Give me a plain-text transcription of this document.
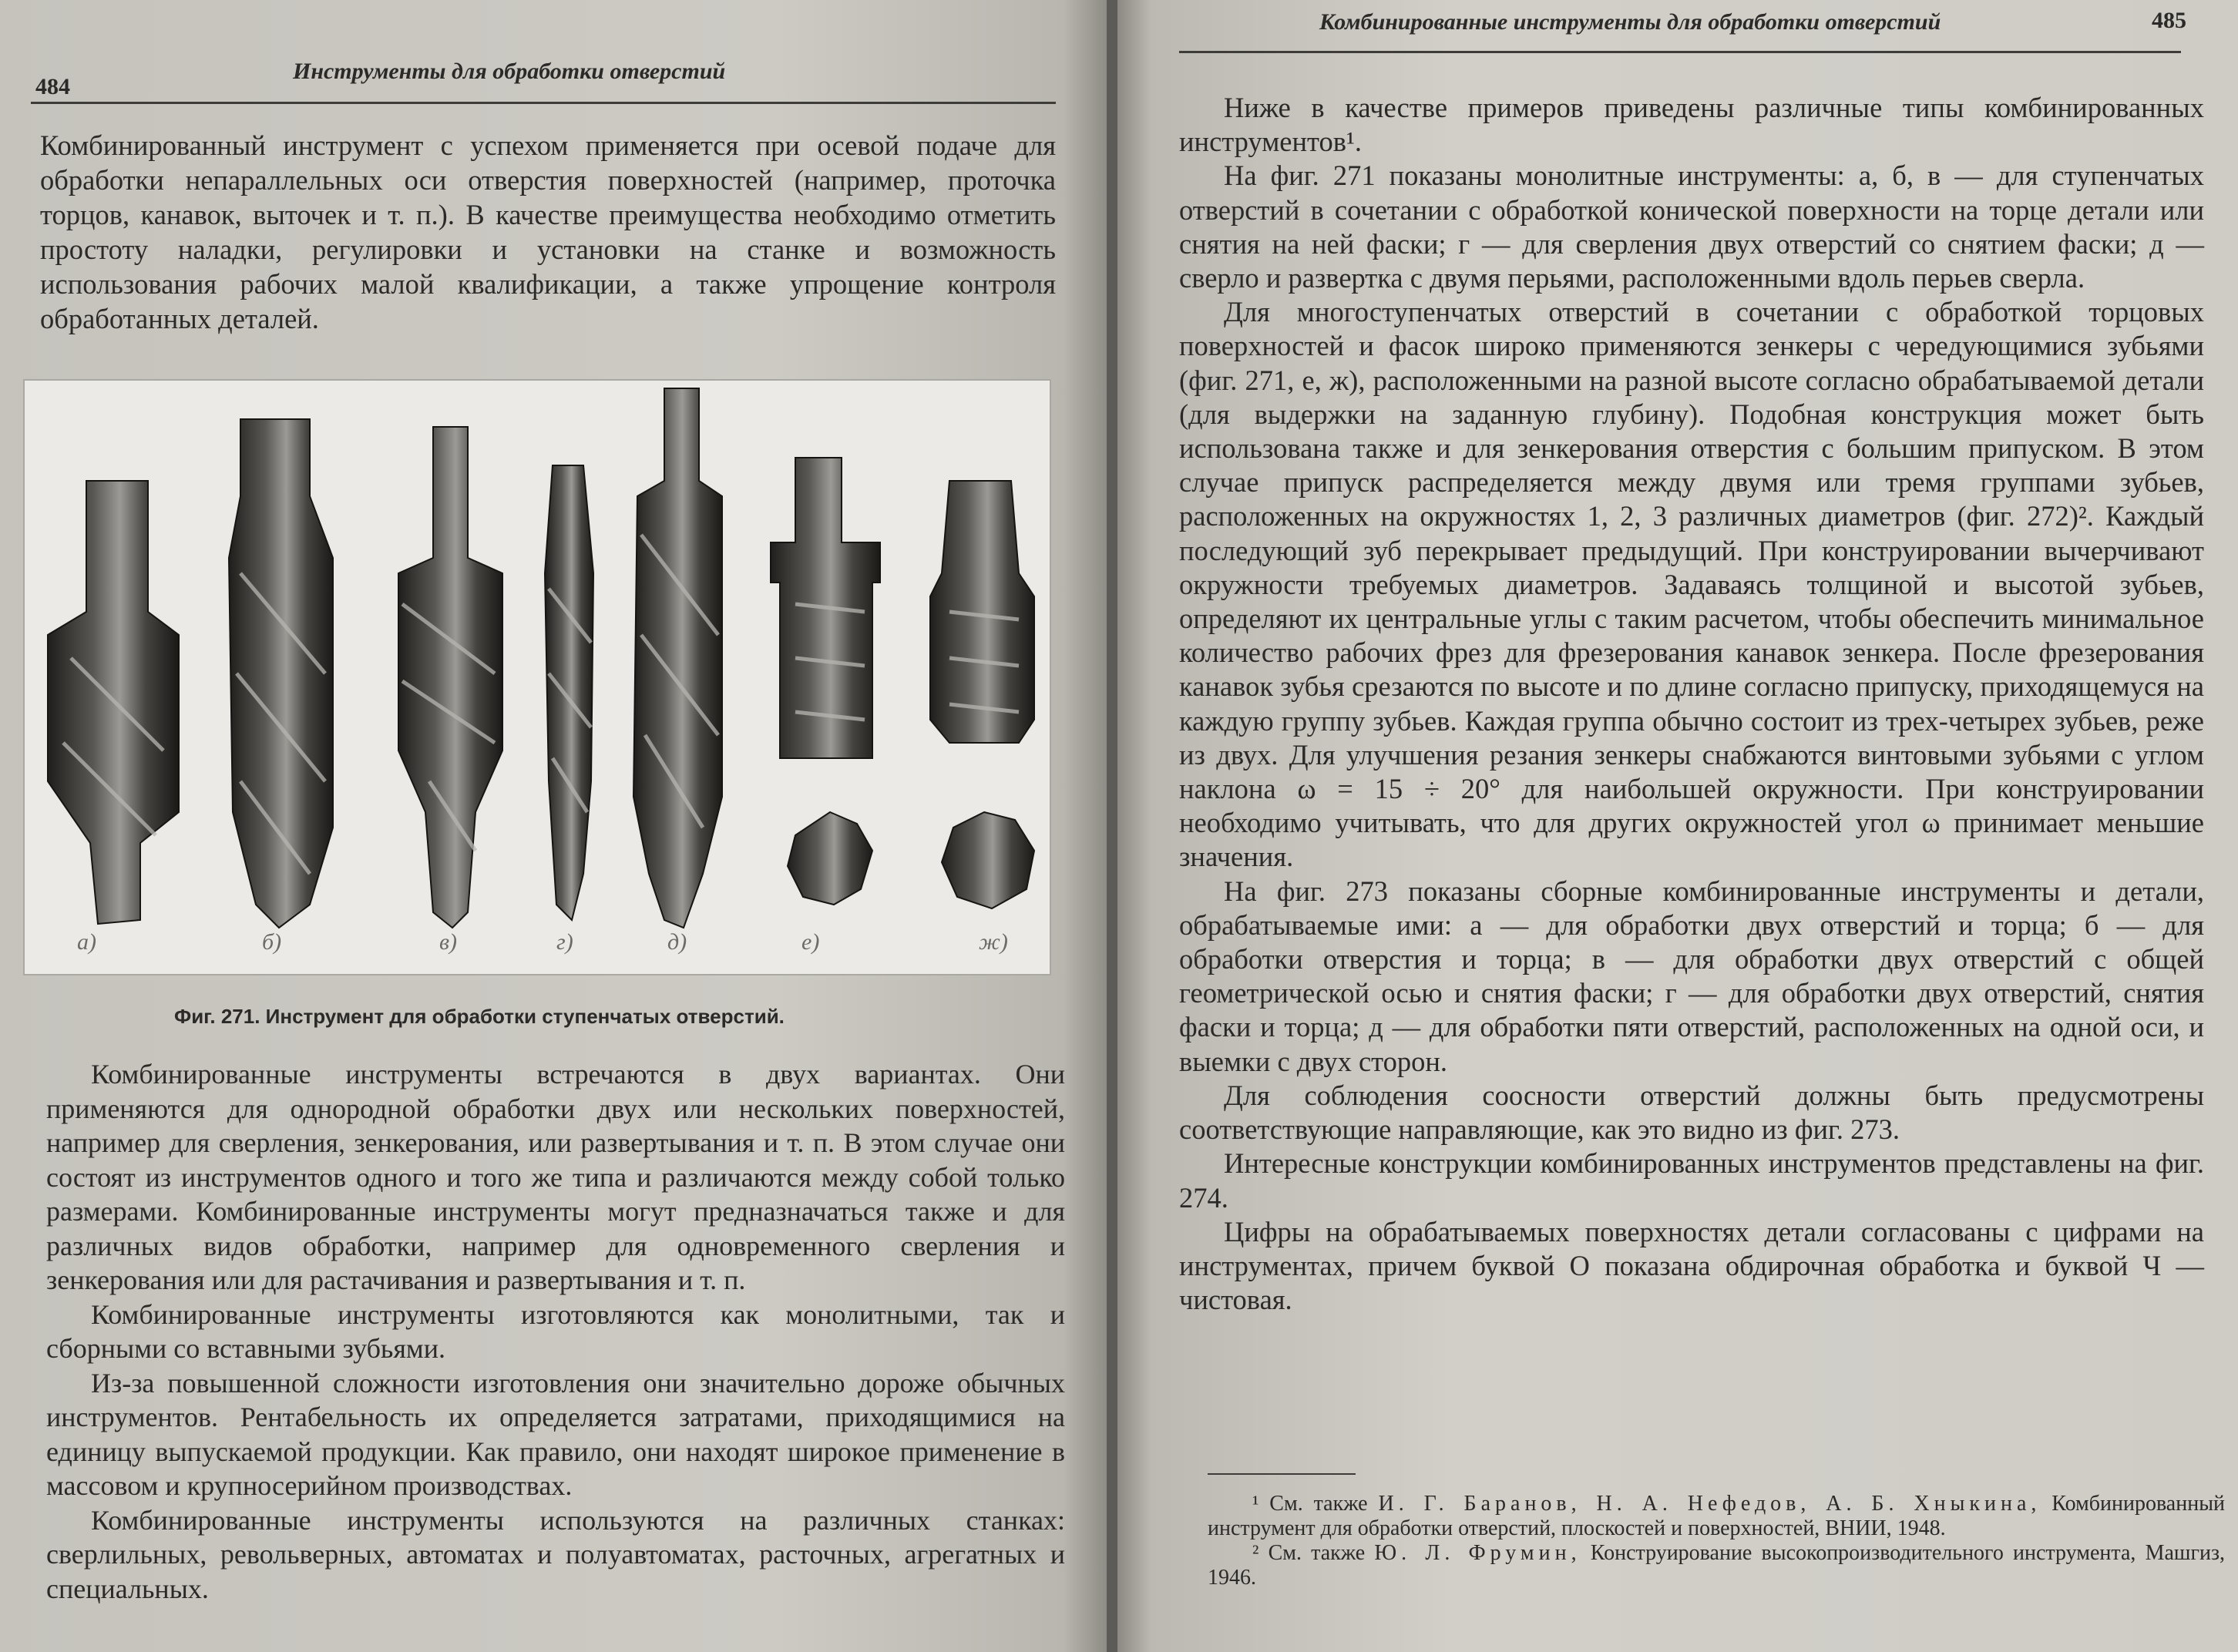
484
Инструменты для обработки отверстий

Комбинированный инструмент с успехом применяется при осевой подаче для обработки непараллельных оси отверстия поверхностей (например, проточка торцов, канавок, выточек и т. п.). В качестве преимущества необходимо отметить простоту наладки, регулировки и установки на станке и возможность использования рабочих малой квалификации, а также упрощение контроля обработанных деталей.

а)	б)	в)	г)	д)	е)	ж)
Фиг. 271. Инструмент для обработки ступенчатых отверстий.

Комбинированные инструменты встречаются в двух вариантах. Они применяются для однородной обработки двух или нескольких поверхностей, например для сверления, зенкерования, или развертывания и т. п. В этом случае они состоят из инструментов одного и того же типа и различаются между собой только размерами. Комбинированные инструменты могут предназначаться также и для различных видов обработки, например для одновременного сверления и зенкерования или для растачивания и развертывания и т. п.

Комбинированные инструменты изготовляются как монолитными, так и сборными со вставными зубьями.

Из-за повышенной сложности изготовления они значительно дороже обычных инструментов. Рентабельность их определяется затратами, приходящимися на единицу выпускаемой продукции. Как правило, они находят широкое применение в массовом и крупносерийном производствах.

Комбинированные инструменты используются на различных станках: сверлильных, револьверных, автоматах и полуавтоматах, расточных, агрегатных и специальных.

Комбинированные инструменты для обработки отверстий	485

Ниже в качестве примеров приведены различные типы комбинированных инструментов¹.

На фиг. 271 показаны монолитные инструменты: а, б, в — для ступенчатых отверстий в сочетании с обработкой конической поверхности на торце детали или снятия на ней фаски; г — для сверления двух отверстий со снятием фаски; д — сверло и развертка с двумя перьями, расположенными вдоль перьев сверла.

Для многоступенчатых отверстий в сочетании с обработкой торцовых поверхностей и фасок широко применяются зенкеры с чередующимися зубьями (фиг. 271, е, ж), расположенными на разной высоте согласно обрабатываемой детали (для выдержки на заданную глубину). Подобная конструкция может быть использована также и для зенкерования отверстия с большим припуском. В этом случае припуск распределяется между двумя или тремя группами зубьев, расположенных на окружностях 1, 2, 3 различных диаметров (фиг. 272)². Каждый последующий зуб перекрывает предыдущий. При конструировании вычерчивают окружности требуемых диаметров. Задаваясь толщиной и высотой зубьев, определяют их центральные углы с таким расчетом, чтобы обеспечить минимальное количество рабочих фрез для фрезерования канавок зенкера. После фрезерования канавок зубья срезаются по высоте и по длине согласно припуску, приходящемуся на каждую группу зубьев. Каждая группа обычно состоит из трех-четырех зубьев, реже из двух. Для улучшения резания зенкеры снабжаются винтовыми зубьями с углом наклона ω = 15 ÷ 20° для наибольшей окружности. При конструировании необходимо учитывать, что для других окружностей угол ω принимает меньшие значения.

На фиг. 273 показаны сборные комбинированные инструменты и детали, обрабатываемые ими: а — для обработки двух отверстий и торца; б — для обработки отверстия и торца; в — для обработки двух отверстий с общей геометрической осью и снятия фаски; г — для обработки двух отверстий, снятия фаски и торца; д — для обработки пяти отверстий, расположенных на одной оси, и выемки с двух сторон.

Для соблюдения соосности отверстий должны быть предусмотрены соответствующие направляющие, как это видно из фиг. 273.

Интересные конструкции комбинированных инструментов представлены на фиг. 274.

Цифры на обрабатываемых поверхностях детали согласованы с цифрами на инструментах, причем буквой О показана обдирочная обработка и буквой Ч — чистовая.

¹ См. также И. Г. Баранов, Н. А. Нефедов, А. Б. Хныкина, Комбинированный инструмент для обработки отверстий, плоскостей и поверхностей, ВНИИ, 1948.

² См. также Ю. Л. Фрумин, Конструирование высокопроизводительного инструмента, Машгиз, 1946.
